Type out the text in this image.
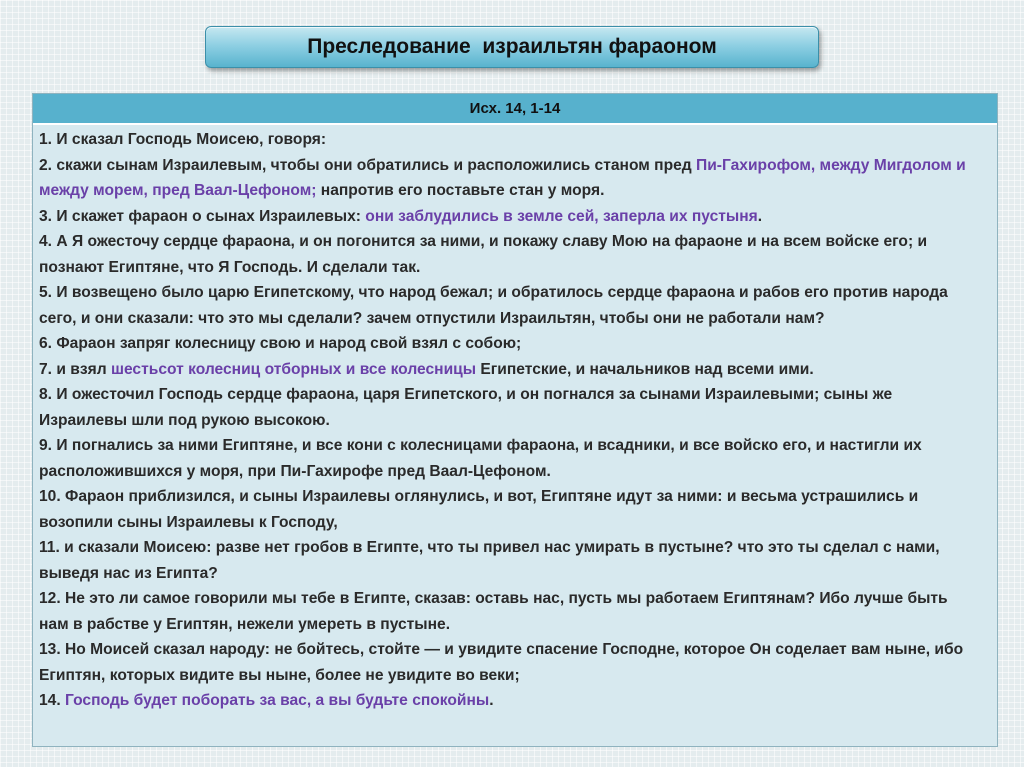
Преследование  израильтян фараоном
Исх. 14, 1-14

1. И сказал Господь Моисею, говоря:

2. скажи сынам Израилевым, чтобы они обратились и расположились станом пред Пи-Гахирофом, между Мигдолом и между морем, пред Ваал-Цефоном; напротив его поставьте стан у моря.

3. И скажет фараон о сынах Израилевых: они заблудились в земле сей, заперла их пустыня.

4. А Я ожесточу сердце фараона, и он погонится за ними, и покажу славу Мою на фараоне и на всем войске его; и познают Египтяне, что Я Господь. И сделали так.

5. И возвещено было царю Египетскому, что народ бежал; и обратилось сердце фараона и рабов его против народа сего, и они сказали: что это мы сделали? зачем отпустили Израильтян, чтобы они не работали нам?

6. Фараон запряг колесницу свою и народ свой взял с собою;

7. и взял шестьсот колесниц отборных и все колесницы Египетские, и начальников над всеми ими.

8. И ожесточил Господь сердце фараона, царя Египетского, и он погнался за сынами Израилевыми; сыны же Израилевы шли под рукою высокою.

9. И погнались за ними Египтяне, и все кони с колесницами фараона, и всадники, и все войско его, и настигли их расположившихся у моря, при Пи-Гахирофе пред Ваал-Цефоном.

10. Фараон приблизился, и сыны Израилевы оглянулись, и вот, Египтяне идут за ними: и весьма устрашились и возопили сыны Израилевы к Господу,

11. и сказали Моисею: разве нет гробов в Египте, что ты привел нас умирать в пустыне? что это ты сделал с нами, выведя нас из Египта?

12. Не это ли самое говорили мы тебе в Египте, сказав: оставь нас, пусть мы работаем Египтянам? Ибо лучше быть нам в рабстве у Египтян, нежели умереть в пустыне.

13. Но Моисей сказал народу: не бойтесь, стойте — и увидите спасение Господне, которое Он соделает вам ныне, ибо Египтян, которых видите вы ныне, более не увидите во веки;

14. Господь будет поборать за вас, а вы будьте спокойны.
